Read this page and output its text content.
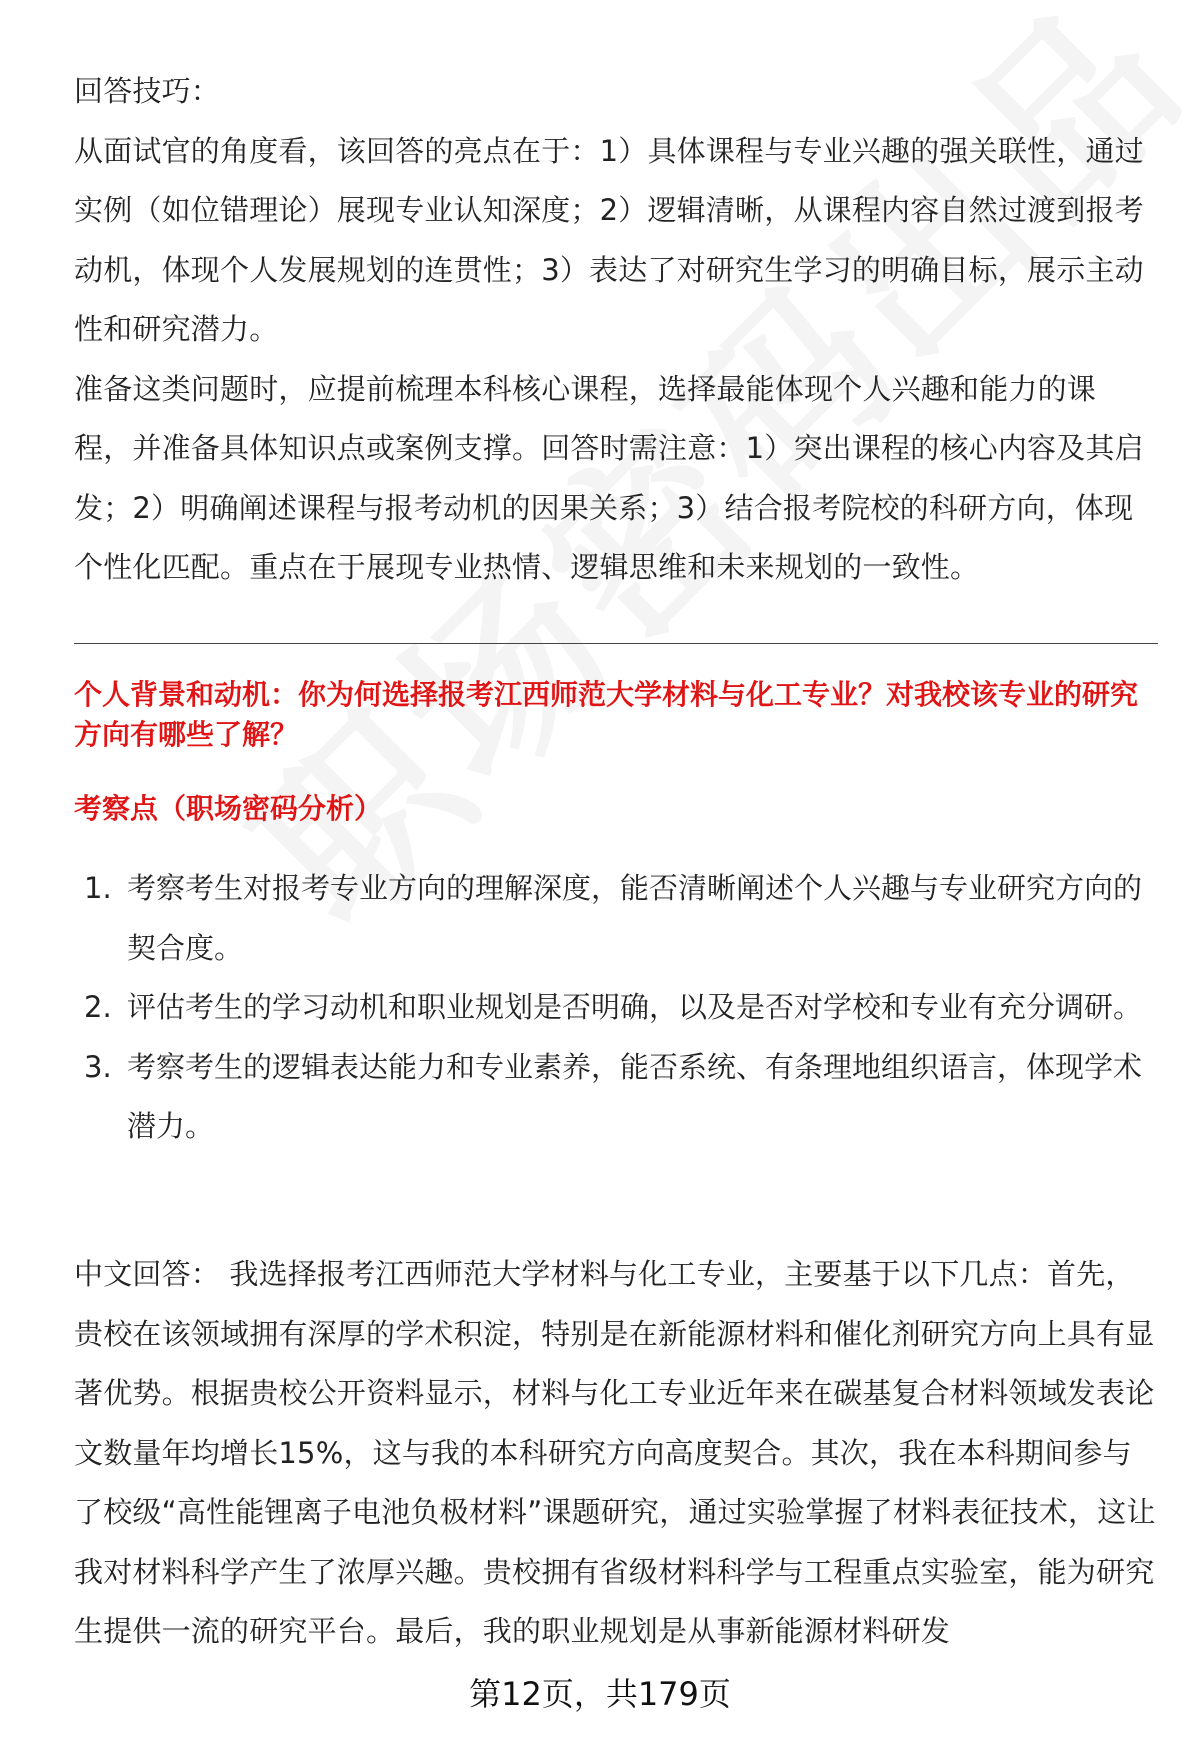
回答技巧：

从面试官的角度看，该回答的亮点在于：1）具体课程与专业兴趣的强关联性，通过实例（如位错理论）展现专业认知深度；2）逻辑清晰，从课程内容自然过渡到报考动机，体现个人发展规划的连贯性；3）表达了对研究生学习的明确目标，展示主动性和研究潜力。

准备这类问题时，应提前梳理本科核心课程，选择最能体现个人兴趣和能力的课程，并准备具体知识点或案例支撑。回答时需注意：1）突出课程的核心内容及其启发；2）明确阐述课程与报考动机的因果关系；3）结合报考院校的科研方向，体现个性化匹配。重点在于展现专业热情、逻辑思维和未来规划的一致性。

个人背景和动机：你为何选择报考江西师范大学材料与化工专业？对我校该专业的研究方向有哪些了解？

考察点（职场密码分析）

1. 考察考生对报考专业方向的理解深度，能否清晰阐述个人兴趣与专业研究方向的契合度。
2. 评估考生的学习动机和职业规划是否明确，以及是否对学校和专业有充分调研。
3. 考察考生的逻辑表达能力和专业素养，能否系统、有条理地组织语言，体现学术潜力。

中文回答： 我选择报考江西师范大学材料与化工专业，主要基于以下几点：首先，贵校在该领域拥有深厚的学术积淀，特别是在新能源材料和催化剂研究方向上具有显著优势。根据贵校公开资料显示，材料与化工专业近年来在碳基复合材料领域发表论文数量年均增长15%，这与我的本科研究方向高度契合。其次，我在本科期间参与了校级“高性能锂离子电池负极材料”课题研究，通过实验掌握了材料表征技术，这让我对材料科学产生了浓厚兴趣。贵校拥有省级材料科学与工程重点实验室，能为研究生提供一流的研究平台。最后，我的职业规划是从事新能源材料研发

第12页，共179页
